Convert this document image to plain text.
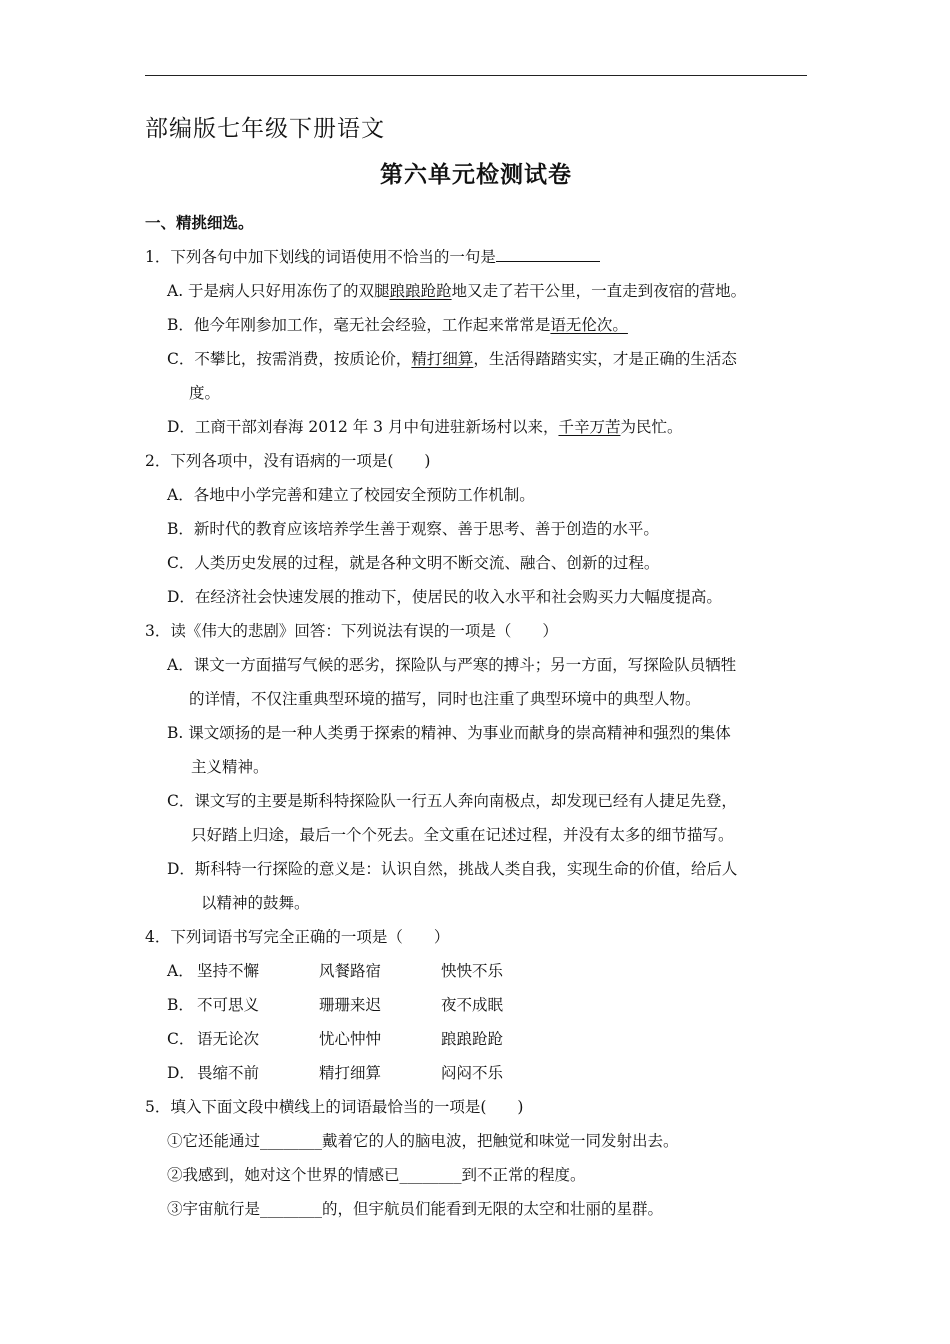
部编版七年级下册语文
第六单元检测试卷
一、精挑细选。
1．下列各句中加下划线的词语使用不恰当的一句是
A. 于是病人只好用冻伤了的双腿踉踉跄跄地又走了若干公里，一直走到夜宿的营地。
B．他今年刚参加工作，毫无社会经验，工作起来常常是语无伦次。
C．不攀比，按需消费，按质论价，精打细算，生活得踏踏实实，才是正确的生活态
度。
D．工商干部刘春海 2012 年 3 月中旬进驻新场村以来，千辛万苦为民忙。
2．下列各项中，没有语病的一项是(　　)
A．各地中小学完善和建立了校园安全预防工作机制。
B．新时代的教育应该培养学生善于观察、善于思考、善于创造的水平。
C．人类历史发展的过程，就是各种文明不断交流、融合、创新的过程。
D．在经济社会快速发展的推动下，使居民的收入水平和社会购买力大幅度提高。
3．读《伟大的悲剧》回答：下列说法有误的一项是（　　）
A．课文一方面描写气候的恶劣，探险队与严寒的搏斗；另一方面，写探险队员牺牲
的详情，不仅注重典型环境的描写，同时也注重了典型环境中的典型人物。
B. 课文颂扬的是一种人类勇于探索的精神、为事业而献身的崇高精神和强烈的集体
主义精神。
C．课文写的主要是斯科特探险队一行五人奔向南极点，却发现已经有人捷足先登，
只好踏上归途，最后一个个死去。全文重在记述过程，并没有太多的细节描写。
D．斯科特一行探险的意义是：认识自然，挑战人类自我，实现生命的价值，给后人
以精神的鼓舞。
4．下列词语书写完全正确的一项是（　　）
A． 坚持不懈	风餐路宿	怏怏不乐
B． 不可思义	珊珊来迟	夜不成眠
C． 语无论次	忧心忡忡	踉踉跄跄
D． 畏缩不前	精打细算	闷闷不乐
5．填入下面文段中横线上的词语最恰当的一项是(　　)
①它还能通过________戴着它的人的脑电波，把触觉和味觉一同发射出去。
②我感到，她对这个世界的情感已________到不正常的程度。
③宇宙航行是________的，但宇航员们能看到无限的太空和壮丽的星群。
